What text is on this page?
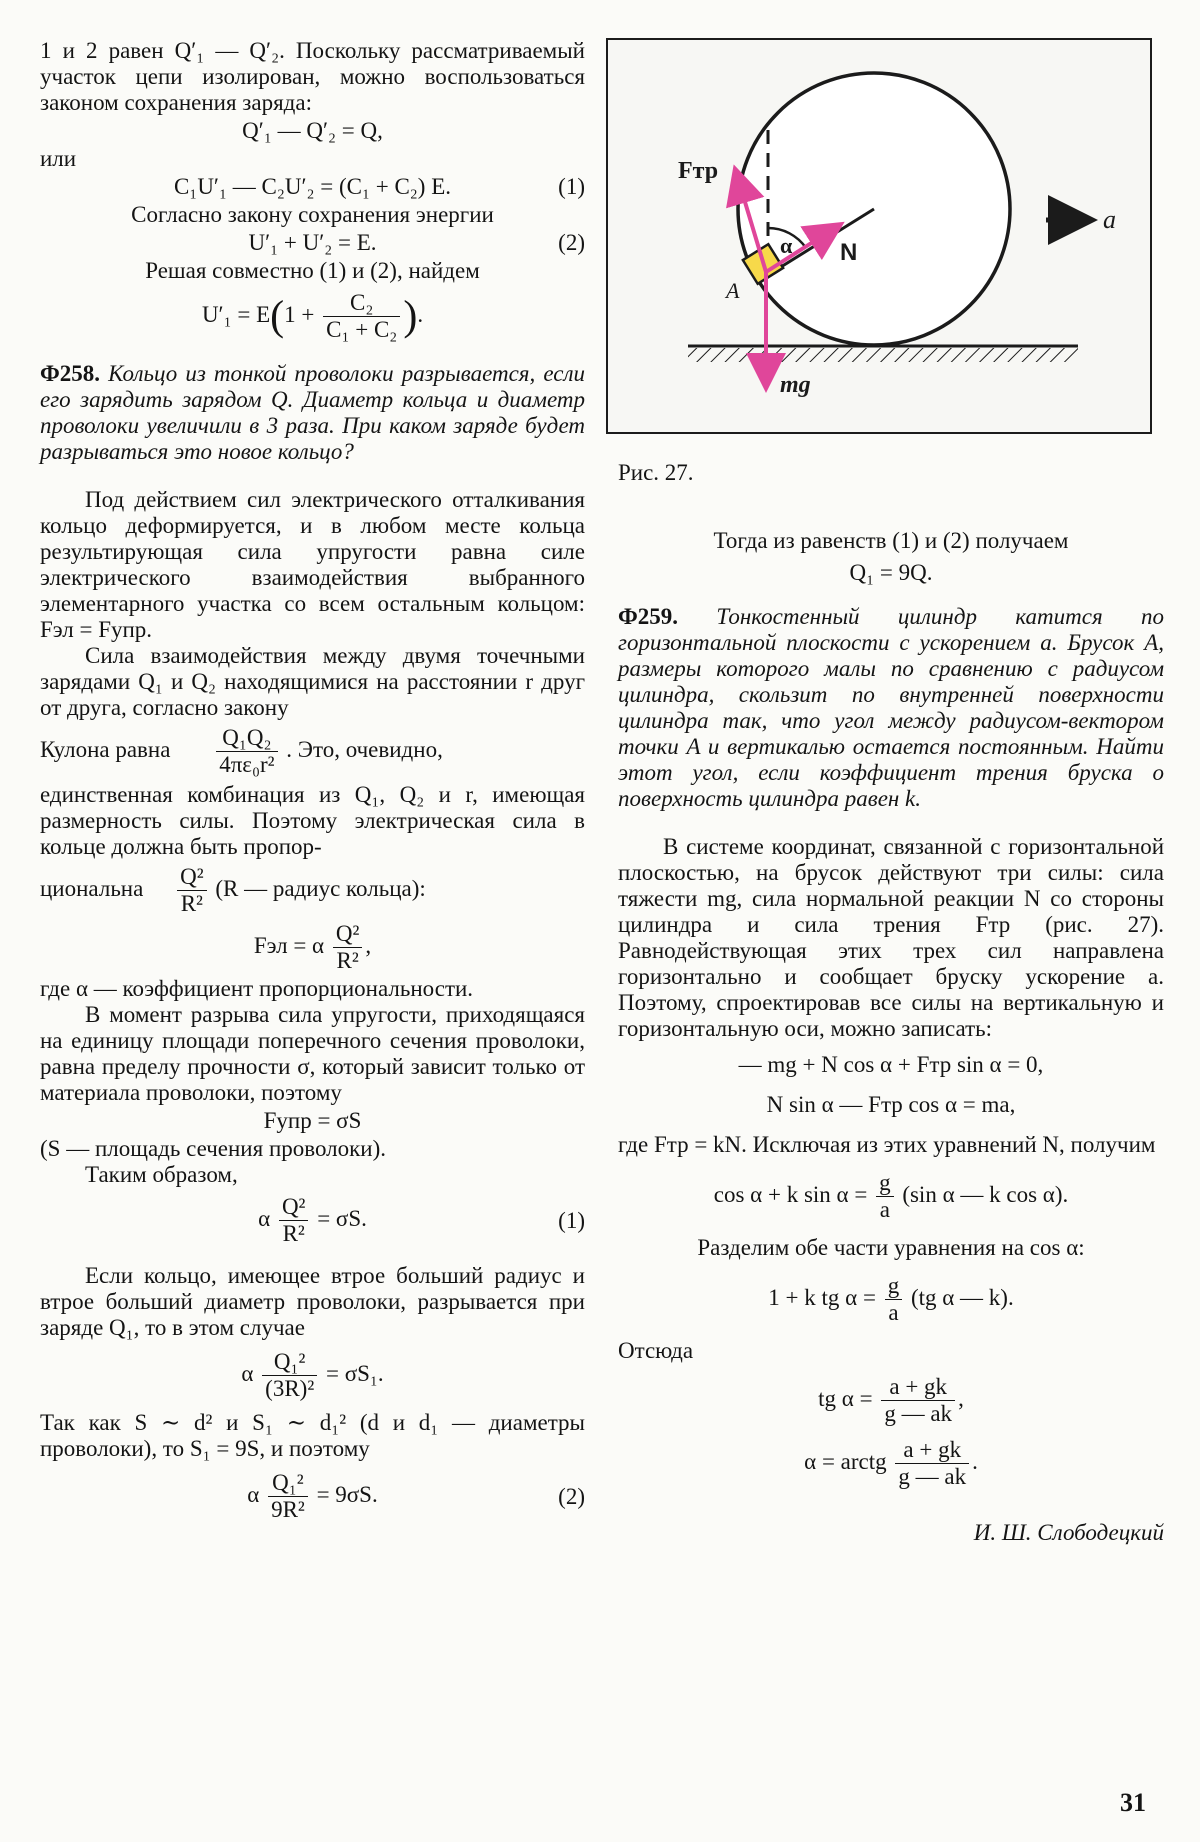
1 и 2 равен Q′₁ — Q′₂. Поскольку рассматриваемый участок цепи изолирован, можно воспользоваться законом сохранения заряда:

Q′₁ — Q′₂ = Q,

или

C₁U′₁ — C₂U′₂ = (C₁ + C₂) E.	(1)

Согласно закону сохранения энергии

U′₁ + U′₂ = E.	(2)

Решая совместно (1) и (2), найдем

$U'_1 = E(1 + \frac{\text{C₂}}{\text{C₁ + C₂}}$ ).

Ф258. Кольцо из тонкой проволоки разрывается, если его зарядить зарядом Q. Диаметр кольца и диаметр проволоки увеличили в 3 раза. При каком заряде будет разрываться это новое кольцо?

Под действием сил электрического отталкивания кольцо деформируется, и в любом месте кольца результирующая сила упругости равна силе электрического взаимодействия выбранного элементарного участка со всем остальным кольцом: Fэл = Fупр.

Сила взаимодействия между двумя точечными зарядами Q₁ и Q₂ находящимися на расстоянии r друг от друга, согласно закону

Кулона равна $\frac{\text{Q₁Q₂}}{\text{4πε₀r²}}$ . Это, очевидно,

единственная комбинация из Q₁, Q₂ и r, имеющая размерность силы. Поэтому электрическая сила в кольце должна быть пропор-

циональна $\frac{\text{Q²}}{\text{R²}} (R$ — радиус кольца):

Fэл = α $\frac{\text{Q²}}{\text{R²}}$ ,

где α — коэффициент пропорциональности.

В момент разрыва сила упругости, приходящаяся на единицу площади поперечного сечения проволоки, равна пределу прочности σ, который зависит только от материала проволоки, поэтому

Fупр = σS

(S — площадь сечения проволоки).

Таким образом,

α $\frac{\text{Q²}}{\text{R²}} = \sigma S$.	(1)

Если кольцо, имеющее втрое больший радиус и втрое больший диаметр проволоки, разрывается при заряде Q₁, то в этом случае

α $\frac{\text{Q₁²}}{\text{(3R)²}} = \sigma S_1$.

Так как S ∼ d² и S₁ ∼ d₁² (d и d₁ — диаметры проволоки), то S₁ = 9S, и поэтому

α $\frac{\text{Q₁²}}{\text{9R²}} = 9\sigma S$.	(2)
Fтр
α N
A
a
mg
Рис. 27.

Тогда из равенств (1) и (2) получаем

Q₁ = 9Q.

Ф259. Тонкостенный цилиндр катится по горизонтальной плоскости с ускорением a. Брусок A, размеры которого малы по сравнению с радиусом цилиндра, скользит по внутренней поверхности цилиндра так, что угол между радиусом-вектором точки A и вертикалью остается постоянным. Найти этот угол, если коэффициент трения бруска о поверхность цилиндра равен k.

В системе координат, связанной с горизонтальной плоскостью, на брусок действуют три силы: сила тяжести mg, сила нормальной реакции N со стороны цилиндра и сила трения Fтр (рис. 27). Равнодействующая этих трех сил направлена горизонтально и сообщает бруску ускорение a. Поэтому, спроектировав все силы на вертикальную и горизонтальную оси, можно записать:

— mg + N cos α + Fтр sin α = 0,
N sin α — Fтр cos α = ma,

где Fтр = kN. Исключая из этих уравнений N, получим

cos α + k $\sin \alpha = \frac{g}{a} (\sin$ α — k cos α).

Разделим обе части уравнения на cos α:

1 + k tg $\alpha = \frac{g}{a} (tg$ α — k).

Отсюда

tg $\alpha = \frac{a + gk}{g — ak}$ ,
α = arctg $\frac{a + gk}{g — ak}$ .

И. Ш. Слободецкий

31
